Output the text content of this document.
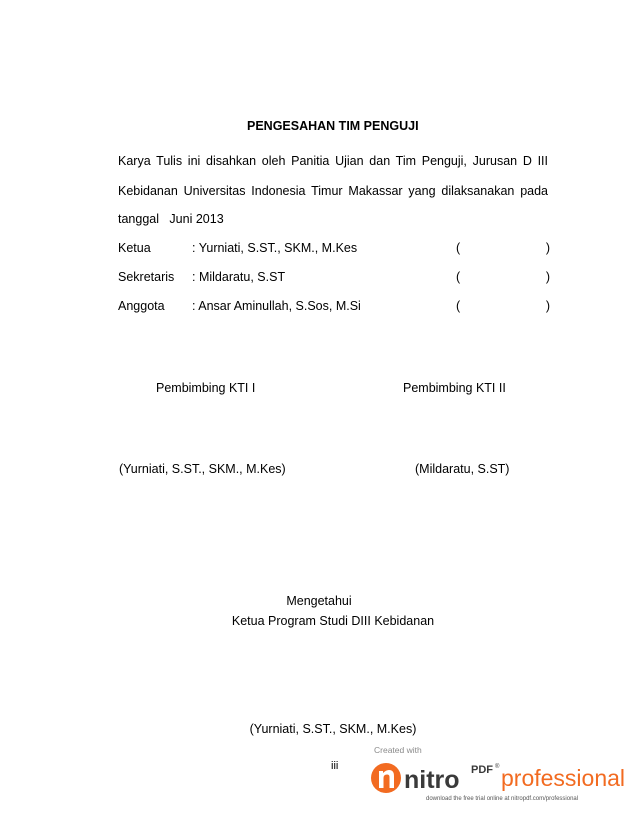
PENGESAHAN TIM PENGUJI
Karya Tulis ini disahkan oleh Panitia Ujian dan Tim Penguji, Jurusan D III
Kebidanan Universitas Indonesia Timur Makassar yang dilaksanakan pada
tanggal   Juni 2013
Ketua	: Yurniati, S.ST., SKM., M.Kes	(	)
Sekretaris : Mildaratu, S.ST	(	)
Anggota : Ansar Aminullah, S.Sos, M.Si	(	)
Pembimbing KTI I	Pembimbing KTI II
(Yurniati, S.ST., SKM., M.Kes)	(Mildaratu, S.ST)
Mengetahui
Ketua Program Studi DIII Kebidanan
(Yurniati, S.ST., SKM., M.Kes)
iii
Created with
nitro PDF ® professional
download the free trial online at nitropdf.com/professional
